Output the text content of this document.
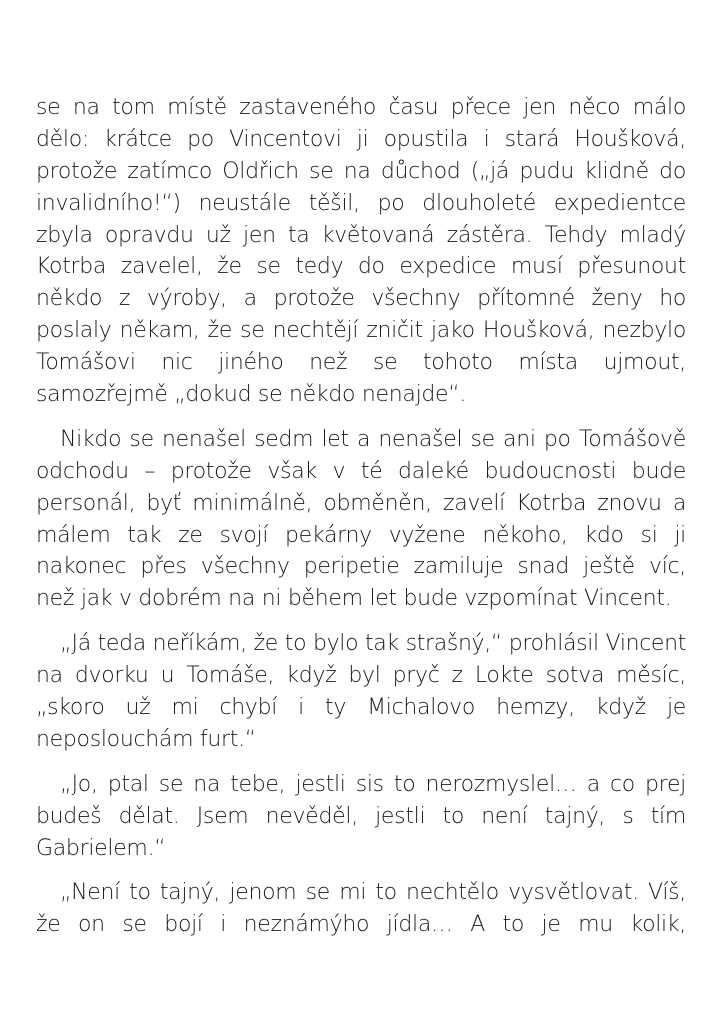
se na tom místě zastaveného času přece jen něco málo
dělo: krátce po Vincentovi ji opustila i stará Houšková,
protože zatímco Oldřich se na důchod („já pudu klidně do
invalidního!“) neustále těšil, po dlouholeté expedientce
zbyla opravdu už jen ta květovaná zástěra. Tehdy mladý
Kotrba zavelel, že se tedy do expedice musí přesunout
někdo z výroby, a protože všechny přítomné ženy ho
poslaly někam, že se nechtějí zničit jako Houšková, nezbylo
Tomášovi nic jiného než se tohoto místa ujmout,
samozřejmě „dokud se někdo nenajde“.

Nikdo se nenašel sedm let a nenašel se ani po Tomášově
odchodu – protože však v té daleké budoucnosti bude
personál, byť minimálně, obměněn, zavelí Kotrba znovu a
málem tak ze svojí pekárny vyžene někoho, kdo si ji
nakonec přes všechny peripetie zamiluje snad ještě víc,
než jak v dobrém na ni během let bude vzpomínat Vincent.

„Já teda neříkám, že to bylo tak strašný,“ prohlásil Vincent
na dvorku u Tomáše, když byl pryč z Lokte sotva měsíc,
„skoro už mi chybí i ty Michalovo hemzy, když je
neposlouchám furt.“

„Jo, ptal se na tebe, jestli sis to nerozmyslel… a co prej
budeš dělat. Jsem nevěděl, jestli to není tajný, s tím
Gabrielem.“

„Není to tajný, jenom se mi to nechtělo vysvětlovat. Víš,
že on se bojí i neznámýho jídla… A to je mu kolik,
